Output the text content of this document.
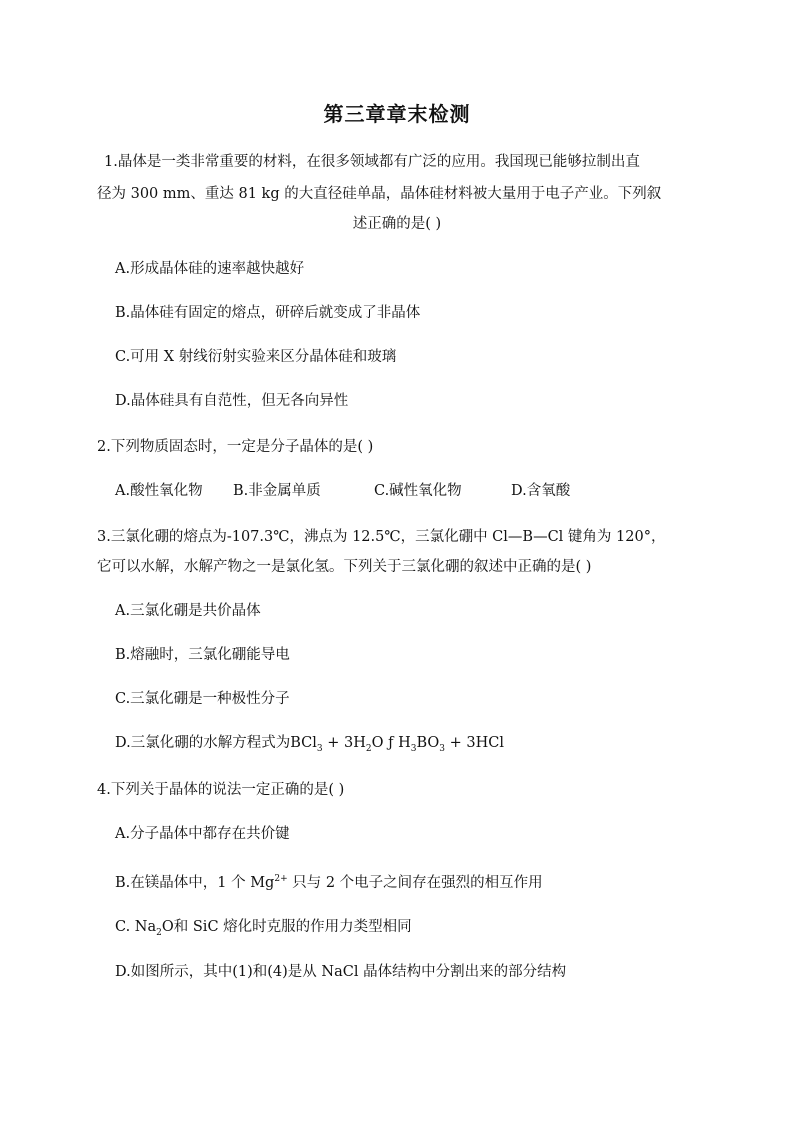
第三章章末检测
1.晶体是一类非常重要的材料，在很多领域都有广泛的应用。我国现已能够拉制出直
径为 300 mm、重达 81 kg 的大直径硅单晶，晶体硅材料被大量用于电子产业。下列叙
述正确的是( )
A.形成晶体硅的速率越快越好
B.晶体硅有固定的熔点，研碎后就变成了非晶体
C.可用 X 射线衍射实验来区分晶体硅和玻璃
D.晶体硅具有自范性，但无各向异性
2.下列物质固态时，一定是分子晶体的是( )
A.酸性氧化物 B.非金属单质	C.碱性氧化物	D.含氧酸
3.三氯化硼的熔点为-107.3℃，沸点为 12.5℃，三氯化硼中 Cl—B—Cl 键角为 120°，
它可以水解，水解产物之一是氯化氢。下列关于三氯化硼的叙述中正确的是( )
A.三氯化硼是共价晶体
B.熔融时，三氯化硼能导电
C.三氯化硼是一种极性分子
D.三氯化硼的水解方程式为$BCl_3 + 3H_2O$ ƒ $H_3BO_3 + 3HCl$
4.下列关于晶体的说法一定正确的是( )
A.分子晶体中都存在共价键
B.在镁晶体中，1 个 $Mg^{2+}$ 只与 2 个电子之间存在强烈的相互作用
C. $Na_2O$和 SiC 熔化时克服的作用力类型相同
D.如图所示，其中(1)和(4)是从 NaCl 晶体结构中分割出来的部分结构
